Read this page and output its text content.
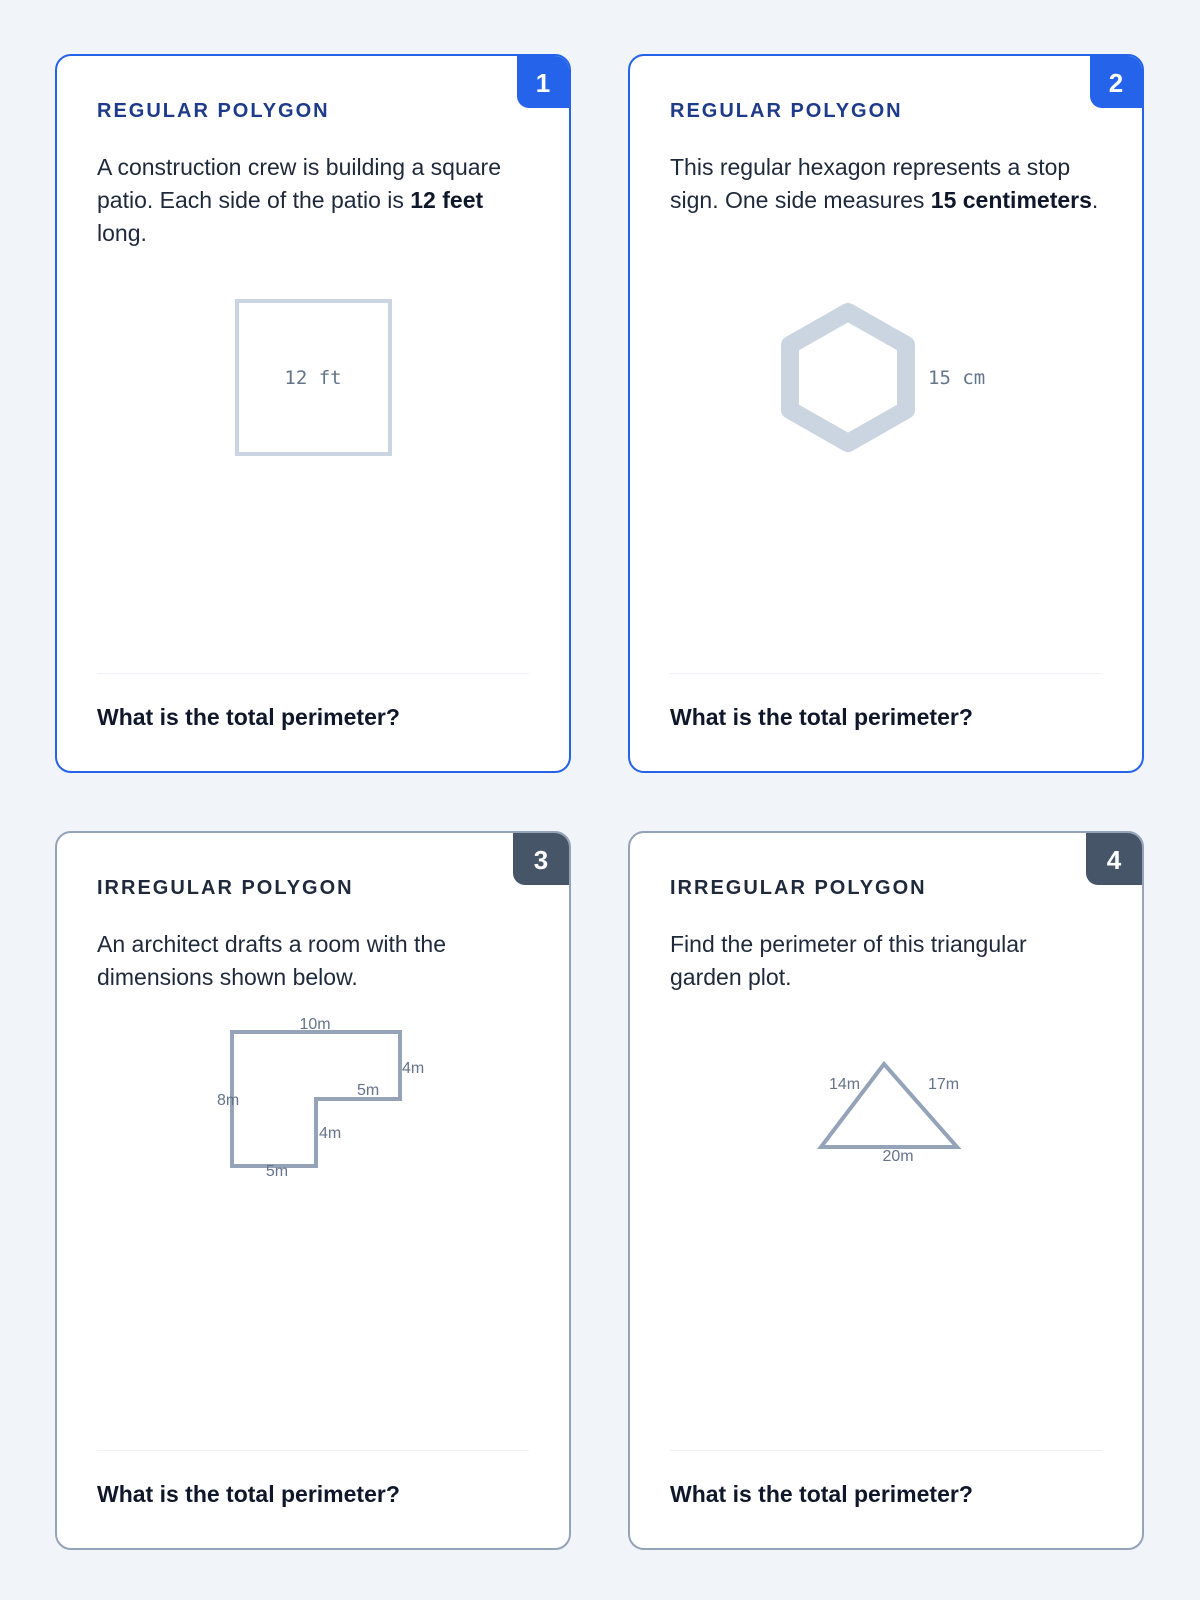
1
REGULAR POLYGON
A construction crew is building a square patio. Each side of the patio is 12 feet long.
12 ft
What is the total perimeter?
2
REGULAR POLYGON
This regular hexagon represents a stop sign. One side measures 15 centimeters.
15 cm
What is the total perimeter?
3
IRREGULAR POLYGON
An architect drafts a room with the dimensions shown below.
10m
4m
5m
8m
4m
5m
What is the total perimeter?
4
IRREGULAR POLYGON
Find the perimeter of this triangular garden plot.
14m	17m
20m
What is the total perimeter?
